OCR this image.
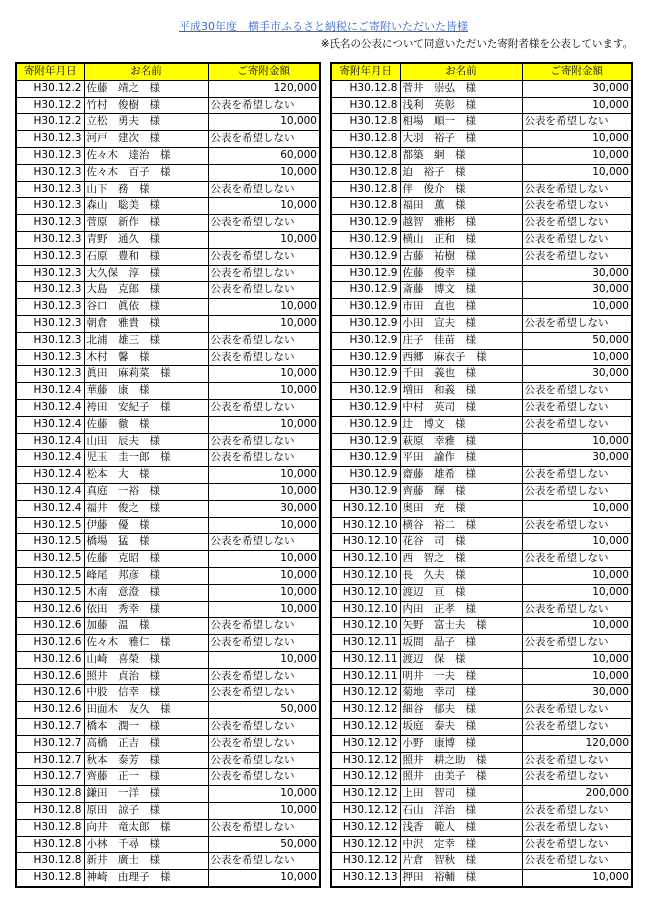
平成30年度　横手市ふるさと納税にご寄附いただいた皆様
※氏名の公表について同意いただいた寄附者様を公表しています。
寄附年月日	お名前	ご寄附金額
H30.12.2	佐藤　靖之　様	120,000
H30.12.2	竹村　俊樹　様	公表を希望しない
H30.12.2	立松　勇夫　様	10,000
H30.12.3	河戸　建次　様	公表を希望しない
H30.12.3	佐々木　達治　様	60,000
H30.12.3	佐々木　百子　様	10,000
H30.12.3	山下　務　様	公表を希望しない
H30.12.3	森山　聡美　様	10,000
H30.12.3	菅原　新作　様	公表を希望しない
H30.12.3	青野　通久　様	10,000
H30.12.3	石原　豊和　様	公表を希望しない
H30.12.3	大久保　淳　様	公表を希望しない
H30.12.3	大島　克郎　様	公表を希望しない
H30.12.3	谷口　眞依　様	10,000
H30.12.3	朝倉　雅貴　様	10,000
H30.12.3	北浦　雄三　様	公表を希望しない
H30.12.3	木村　馨　様	公表を希望しない
H30.12.3	眞田　麻莉菜　様	10,000
H30.12.4	華藤　康　様	10,000
H30.12.4	袴田　安紀子　様	公表を希望しない
H30.12.4	佐藤　徹　様	10,000
H30.12.4	山田　辰夫　様	公表を希望しない
H30.12.4	児玉　圭一郎　様	公表を希望しない
H30.12.4	松本　大　様	10,000
H30.12.4	真庭　一裕　様	10,000
H30.12.4	福井　俊之　様	30,000
H30.12.5	伊藤　優　様	10,000
H30.12.5	橋場　猛　様	公表を希望しない
H30.12.5	佐藤　克昭　様	10,000
H30.12.5	峰尾　邦彦　様	10,000
H30.12.5	木南　意澄　様	10,000
H30.12.6	依田　秀幸　様	10,000
H30.12.6	加藤　温　様	公表を希望しない
H30.12.6	佐々木　雅仁　様	公表を希望しない
H30.12.6	山崎　喜榮　様	10,000
H30.12.6	照井　貞治　様	公表を希望しない
H30.12.6	中股　信幸　様	公表を希望しない
H30.12.6	田面木　友久　様	50,000
H30.12.7	橋本　潤一　様	公表を希望しない
H30.12.7	高橋　正吉　様	公表を希望しない
H30.12.7	秋本　泰芳　様	公表を希望しない
H30.12.7	齊藤　正一　様	公表を希望しない
H30.12.8	鎌田　一洋　様	10,000
H30.12.8	原田　諒子　様	10,000
H30.12.8	向井　竜太郎　様	公表を希望しない
H30.12.8	小林　千尋　様	50,000
H30.12.8	新井　廣士　様	公表を希望しない
H30.12.8	神崎　由理子　様	10,000
寄附年月日	お名前	ご寄附金額
H30.12.8	菅井　崇弘　様	30,000
H30.12.8	浅利　英彰　様	10,000
H30.12.8	相場　順一　様	公表を希望しない
H30.12.8	大羽　裕子　様	10,000
H30.12.8	都築　絅　様	10,000
H30.12.8	迫　裕子　様	10,000
H30.12.8	伴　俊介　様	公表を希望しない
H30.12.8	福田　薫　様	公表を希望しない
H30.12.9	越智　雅彬　様	公表を希望しない
H30.12.9	横山　正和　様	公表を希望しない
H30.12.9	古藤　祐樹　様	公表を希望しない
H30.12.9	佐藤　俊幸　様	30,000
H30.12.9	斎藤　博文　様	30,000
H30.12.9	市田　直也　様	10,000
H30.12.9	小田　宣夫　様	公表を希望しない
H30.12.9	庄子　佳苗　様	50,000
H30.12.9	西郷　麻衣子　様	10,000
H30.12.9	千田　義也　様	30,000
H30.12.9	増田　和義　様	公表を希望しない
H30.12.9	中村　英司　様	公表を希望しない
H30.12.9	辻　博文　様	公表を希望しない
H30.12.9	萩原　幸雅　様	10,000
H30.12.9	平田　諭作　様	30,000
H30.12.9	齋藤　雄希　様	公表を希望しない
H30.12.9	齊藤　輝　様	公表を希望しない
H30.12.10	奥田　充　様	10,000
H30.12.10	横谷　裕二　様	公表を希望しない
H30.12.10	花谷　司　様	10,000
H30.12.10	西　智之　様	公表を希望しない
H30.12.10	長　久夫　様	10,000
H30.12.10	渡辺　亘　様	10,000
H30.12.10	内田　正孝　様	公表を希望しない
H30.12.10	矢野　富士夫　様	10,000
H30.12.11	坂間　晶子　様	公表を希望しない
H30.12.11	渡辺　保　様	10,000
H30.12.11	明井　一夫　様	10,000
H30.12.12	菊地　幸司　様	30,000
H30.12.12	細谷　郁夫　様	公表を希望しない
H30.12.12	坂庭　泰夫　様	公表を希望しない
H30.12.12	小野　康博　様	120,000
H30.12.12	照井　耕之助　様	公表を希望しない
H30.12.12	照井　由美子　様	公表を希望しない
H30.12.12	上田　智司　様	200,000
H30.12.12	石山　洋治　様	公表を希望しない
H30.12.12	浅香　範人　様	公表を希望しない
H30.12.12	中沢　定幸　様	公表を希望しない
H30.12.12	片倉　智秋　様	公表を希望しない
H30.12.13	押田　裕輔　様	10,000
